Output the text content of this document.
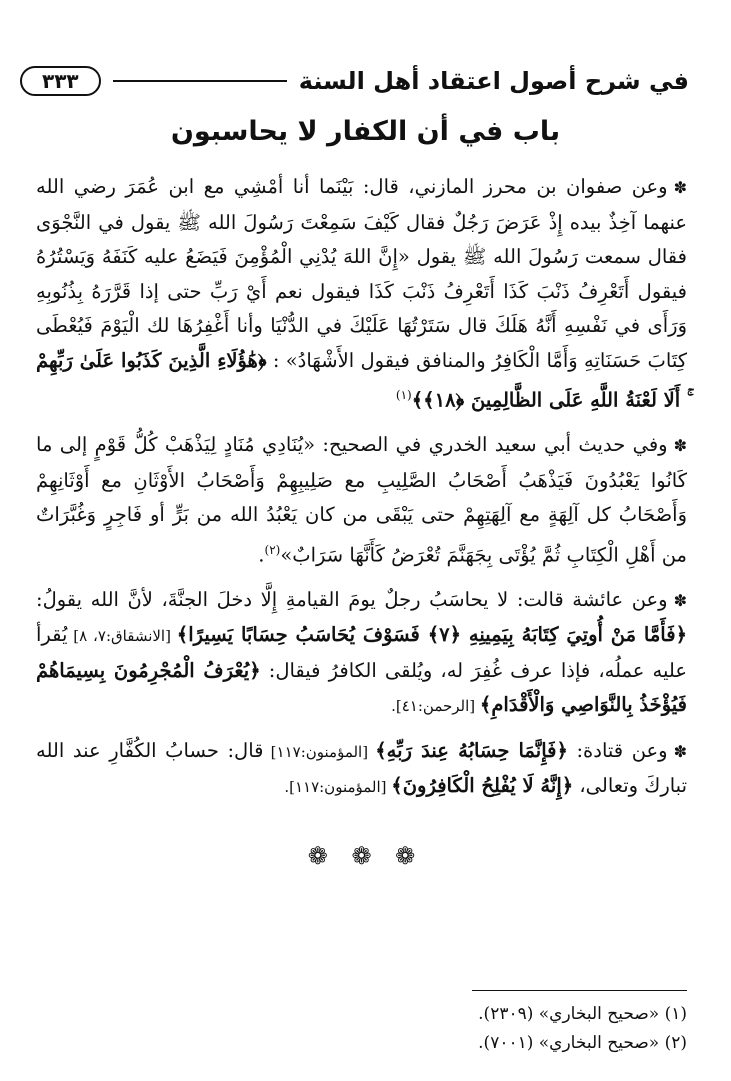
في شرح أصول اعتقاد أهل السنة
٣٣٣
باب في أن الكفار لا يحاسبون

✽وعن صفوان بن محرز المازني، قال: بَيْنَما أنا أمْشِي مع ابن عُمَرَ رضي الله عنهما آخِذٌ بيده إِذْ عَرَضَ رَجُلٌ فقال كَيْفَ سَمِعْتَ رَسُولَ الله ﷺ يقول في النَّجْوَى فقال سمعت رَسُولَ الله ﷺ يقول «إِنَّ اللهَ يُدْنِي الْمُؤْمِنَ فَيَضَعُ عليه كَنَفَهُ وَيَسْتُرُهُ فيقول أَتَعْرِفُ ذَنْبَ كَذَا أَتَعْرِفُ ذَنْبَ كَذَا فيقول نعم أَيْ رَبِّ حتى إذا قَرَّرَهُ بِذُنُوبِهِ وَرَأَى في نَفْسِهِ أَنَّهُ هَلَكَ قال سَتَرْتُهَا عَلَيْكَ في الدُّنْيَا وأنا أَغْفِرُهَا لك الْيَوْمَ فَيُعْطَى كِتَابَ حَسَنَاتِهِ وَأَمَّا الْكَافِرُ والمنافق فيقول الأَشْهَادُ» : ﴿هَٰؤُلَاءِ الَّذِينَ كَذَبُوا عَلَىٰ رَبِّهِمْ ۚ أَلَا لَعْنَةُ اللَّهِ عَلَى الظَّالِمِينَ ﴿١٨﴾﴾$^{(١)}$

✽وفي حديث أبي سعيد الخدري في الصحيح: «يُنَادِي مُنَادٍ لِيَذْهَبْ كُلُّ قَوْمٍ إلى ما كَانُوا يَعْبُدُونَ فَيَذْهَبُ أَصْحَابُ الصَّلِيبِ مع صَلِيبِهِمْ وَأَصْحَابُ الأَوْثَانِ مع أَوْثَانِهِمْ وَأَصْحَابُ كل آلِهَةٍ مع آلِهَتِهِمْ حتى يَبْقَى من كان يَعْبُدُ الله من بَرٍّ أو فَاجِرٍ وَغُبَّرَاتٌ من أَهْلِ الْكِتَابِ ثُمَّ يُؤْتَى بِجَهَنَّمَ تُعْرَضُ كَأَنَّهَا سَرَابٌ»$^{(٢)}$.

✽وعن عائشة قالت: لا يحاسَبُ رجلٌ يومَ القيامةِ إِلَّا دخلَ الجنَّةَ، لأنَّ الله يقولُ: ﴿فَأَمَّا مَنْ أُوتِيَ كِتَابَهُ بِيَمِينِهِ ﴿٧﴾ فَسَوْفَ يُحَاسَبُ حِسَابًا يَسِيرًا﴾ [الانشقاق:٧، ٨] يُقرأ عليه عملُه، فإذا عرف غُفِرَ له، ويُلقى الكافرُ فيقال: ﴿يُعْرَفُ الْمُجْرِمُونَ بِسِيمَاهُمْ فَيُؤْخَذُ بِالنَّوَاصِي وَالْأَقْدَامِ﴾ [الرحمن:٤١].

✽وعن قتادة: ﴿فَإِنَّمَا حِسَابُهُ عِندَ رَبِّهِ﴾ [المؤمنون:١١٧] قال: حسابُ الكُفَّارِ عند الله تباركَ وتعالى، ﴿إِنَّهُ لَا يُفْلِحُ الْكَافِرُونَ﴾ [المؤمنون:١١٧].

❁ ❁ ❁
(١) «صحيح البخاري» (٢٣٠٩).
(٢) «صحيح البخاري» (٧٠٠١).
